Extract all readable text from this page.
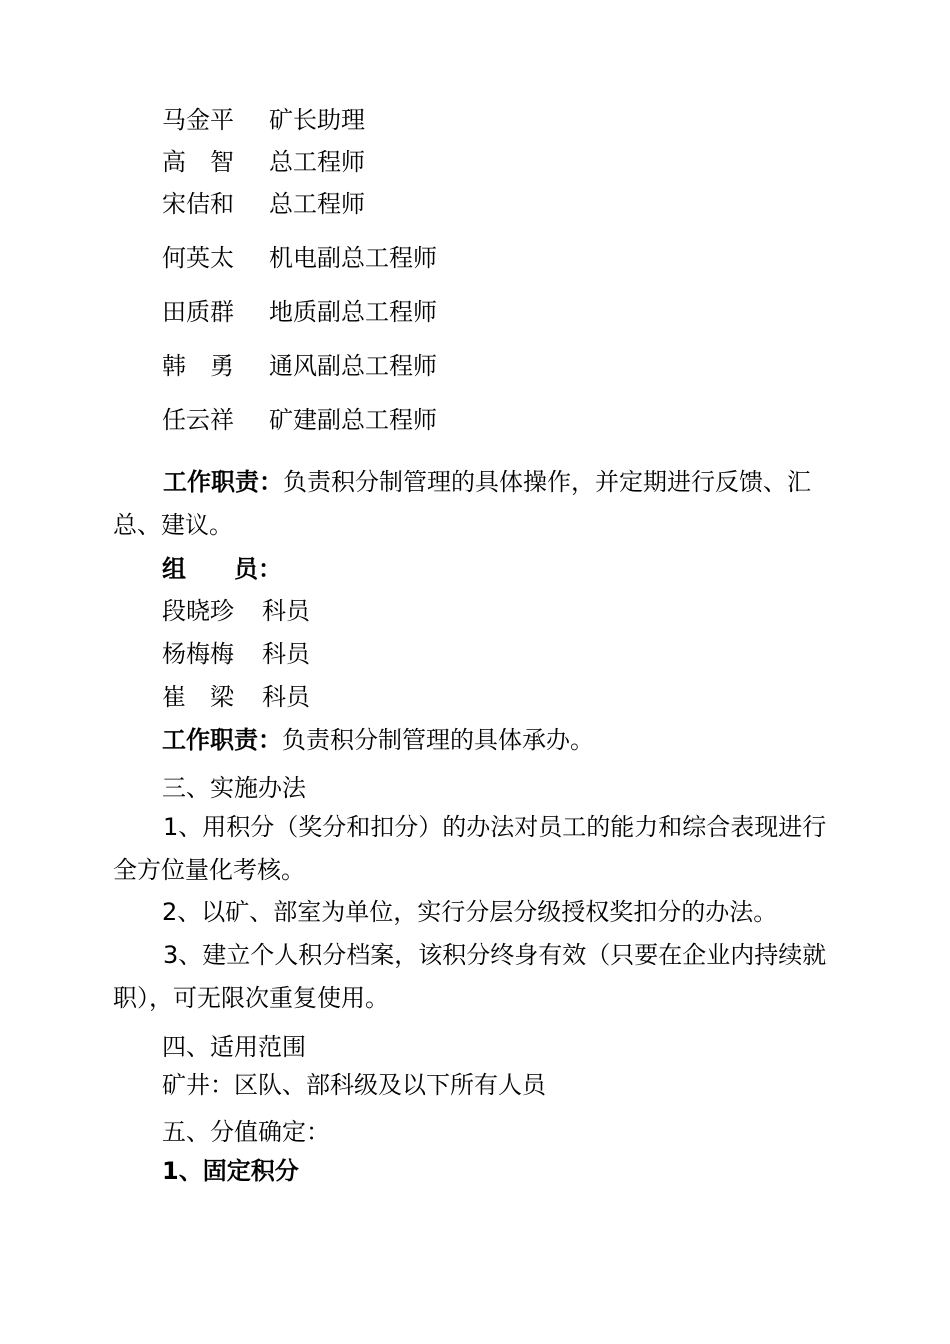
马金平 矿长助理
高　智 总工程师
宋佶和 总工程师
何英太 机电副总工程师
田质群 地质副总工程师
韩　勇 通风副总工程师
任云祥 矿建副总工程师
工作职责：负责积分制管理的具体操作，并定期进行反馈、汇总、建议。
组　　员：
段晓珍 科员
杨梅梅 科员
崔　梁 科员
工作职责：负责积分制管理的具体承办。
三、实施办法
1、用积分（奖分和扣分）的办法对员工的能力和综合表现进行全方位量化考核。
2、以矿、部室为单位，实行分层分级授权奖扣分的办法。
3、建立个人积分档案，该积分终身有效（只要在企业内持续就职），可无限次重复使用。
四、适用范围
矿井：区队、部科级及以下所有人员
五、分值确定：
1、固定积分
